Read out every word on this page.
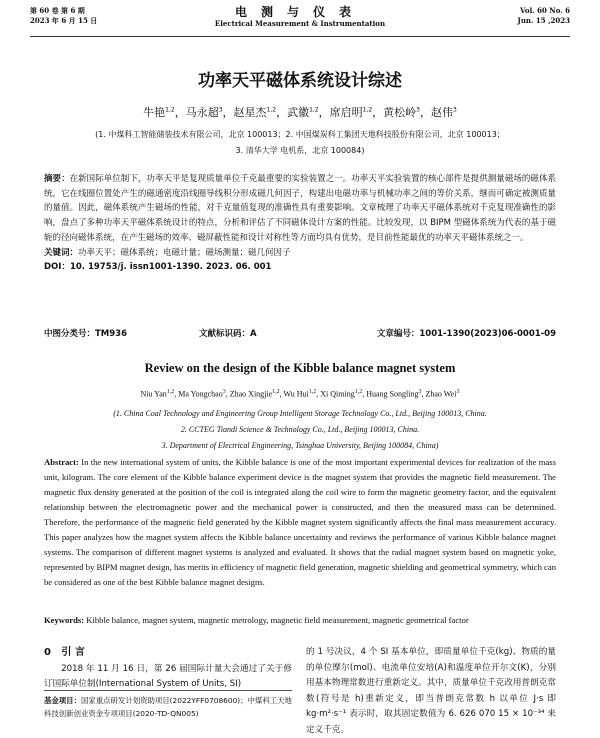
第 60 卷 第 6 期
2023 年 6 月 15 日
电测与仪表
Electrical Measurement & Instrumentation
Vol. 60 No. 6
Jun. 15 ,2023
功率天平磁体系统设计综述
牛艳$^{1,2}$，马永超$^3$，赵星杰$^{1,2}$，武徽$^{1,2}$，席启明$^{1,2}$，黄松岭$^3$，赵伟$^3$
(1. 中煤科工智能储装技术有限公司，北京 100013；2. 中国煤炭科工集团天地科技股份有限公司，北京 100013；
3. 清华大学 电机系，北京 100084)
摘要：在新国际单位制下，功率天平是复现质量单位千克最重要的实验装置之一。功率天平实验装置的核心部件是提供测量磁场的磁体系统，它在线圈位置处产生的磁通密度沿线圈导线积分形成磁几何因子，构建出电磁功率与机械功率之间的等价关系，继而可确定被测质量的量值。因此，磁体系统产生磁场的性能，对千克量值复现的准确性具有重要影响。文章梳理了功率天平磁体系统对千克复现准确性的影响，盘点了多种功率天平磁体系统设计的特点，分析和评估了不同磁体设计方案的性能。比较发现，以 BIPM 型磁体系统为代表的基于磁轭的径向磁体系统，在产生磁场的效率、磁屏蔽性能和设计对称性等方面均具有优势，是目前性能最优的功率天平磁体系统之一。
关键词：功率天平；磁体系统；电磁计量；磁场测量；磁几何因子
DOI：10. 19753/j. issn1001-1390. 2023. 06. 001
中图分类号：TM936	文献标识码：A	文章编号：1001-1390(2023)06-0001-09
Review on the design of the Kibble balance magnet system
Niu Yan$^{1,2}$, Ma Yongchao$^3$, Zhao Xingjie$^{1,2}$, Wu Hui$^{1,2}$, Xi Qiming$^{1,2}$, Huang Songling$^3$, Zhao Wei$^3$
(1. China Coal Technology and Engineering Group Intelligent Storage Technology Co., Ltd., Beijing 100013, China.
2. CCTEG Tiandi Science & Technology Co., Ltd., Beijing 100013, China.
3. Department of Electrical Engineering, Tsinghua University, Beijing 100084, China)
Abstract: In the new international system of units, the Kibble balance is one of the most important experimental devices for realization of the mass unit, kilogram. The core element of the Kibble balance experiment device is the magnet system that provides the magnetic field measurement. The magnetic flux density generated at the position of the coil is integrated along the coil wire to form the magnetic geometry factor, and the equivalent relationship between the electromagnetic power and the mechanical power is constructed, and then the measured mass can be determined. Therefore, the performance of the magnetic field generated by the Kibble magnet system significantly affects the final mass measurement accuracy. This paper analyzes how the magnet system affects the Kibble balance uncertainty and reviews the performance of various Kibble balance magnet systems. The comparison of different magnet systems is analyzed and evaluated. It shows that the radial magnet system based on magnetic yoke, represented by BIPM magnet design, has merits in efficiency of magnetic field generation, magnetic shielding and geometrical symmetry, which can be considered as one of the best Kibble balance magnet designs.
Keywords: Kibble balance, magnet system, magnetic metrology, magnetic field measurement, magnetic geometrical factor
0 引 言
2018 年 11 月 16 日，第 26 届国际计量大会通过了关于修订国际单位制(International System of Units, SI)
的 1 号决议，4 个 SI 基本单位，即质量单位千克(kg)、物质的量的单位摩尔(mol)、电流单位安培(A)和温度单位开尔文(K)，分别用基本物理常数进行重新定义。其中，质量单位千克改用普朗克常数(符号是 h)重新定义，即当普朗克常数 h 以单位 J·s 即 kg·m²·s⁻¹ 表示时，取其固定数值为 6. 626 070 15 × 10⁻³⁴ 来定义千克。
基金项目：国家重点研发计划资助项目(2022YFF0708600)；中煤科工天地科技创新创业资金专项项目(2020-TD-QN005)
